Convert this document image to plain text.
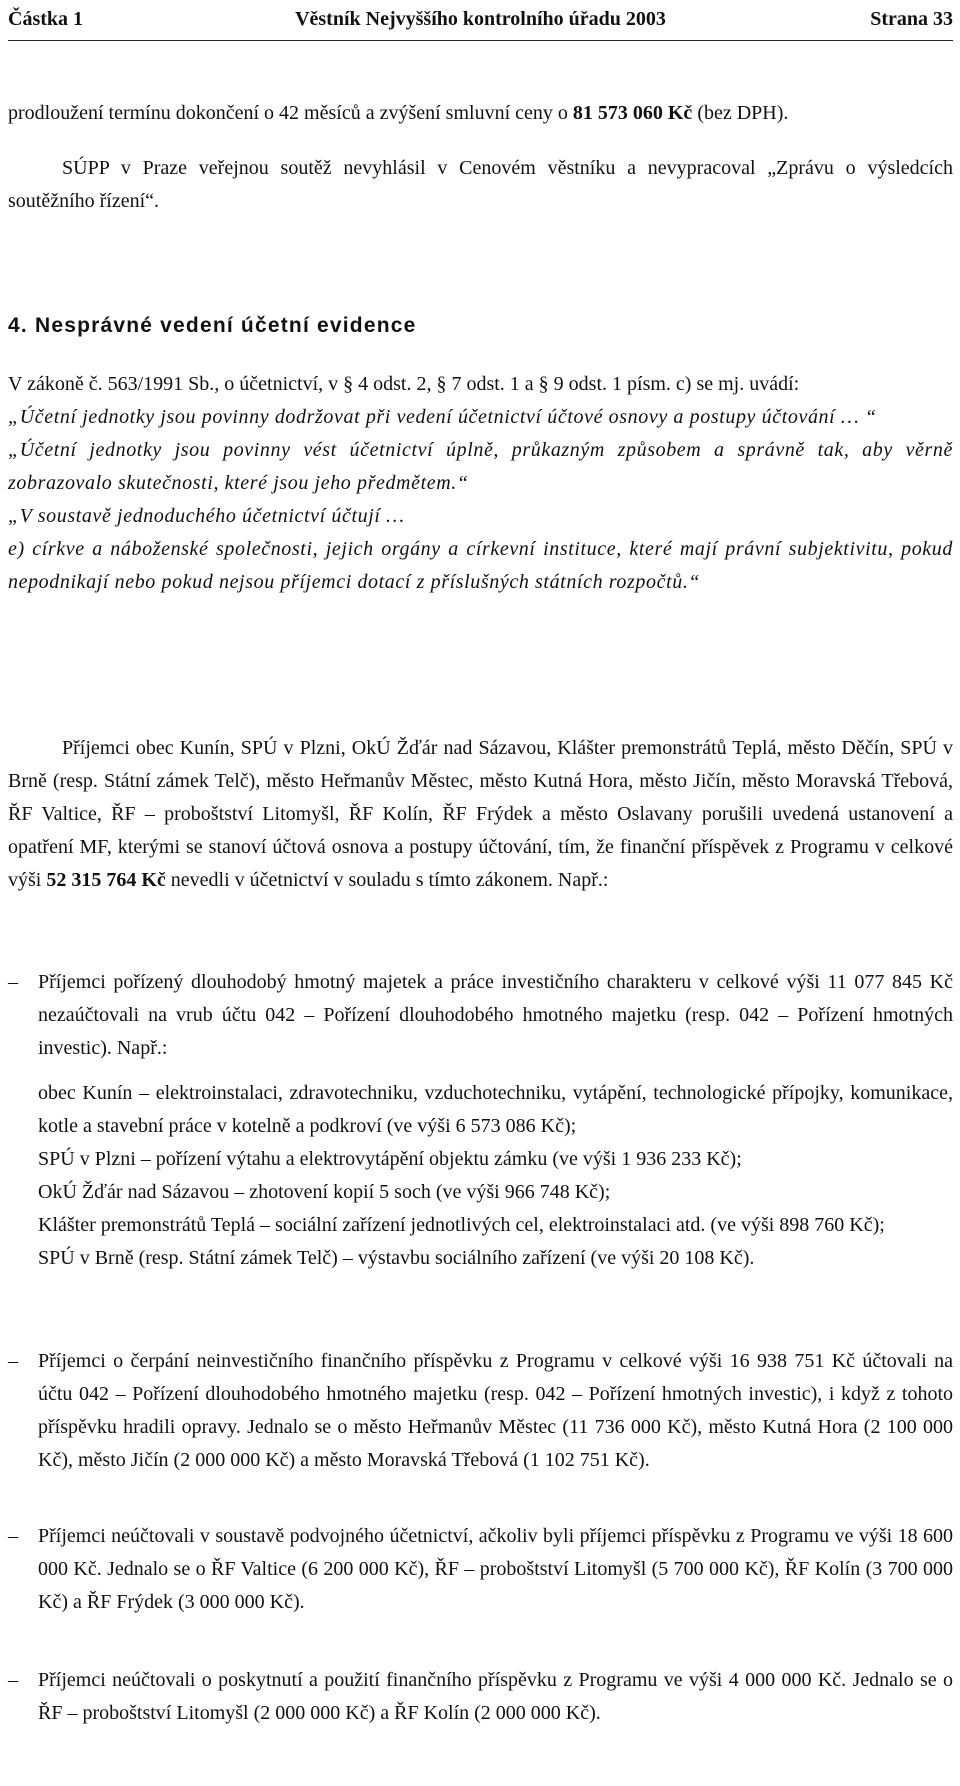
Částka 1	Věstník Nejvyššího kontrolního úřadu 2003	Strana 33

prodloužení termínu dokončení o 42 měsíců a zvýšení smluvní ceny o 81 573 060 Kč (bez DPH).

SÚPP v Praze veřejnou soutěž nevyhlásil v Cenovém věstníku a nevypracoval „Zprávu o výsledcích soutěžního řízení“.

4. Nesprávné vedení účetní evidence

V zákoně č. 563/1991 Sb., o účetnictví, v § 4 odst. 2, § 7 odst. 1 a § 9 odst. 1 písm. c) se mj. uvádí:

„Účetní jednotky jsou povinny dodržovat při vedení účetnictví účtové osnovy a postupy účtování … “

„Účetní jednotky jsou povinny vést účetnictví úplně, průkazným způsobem a správně tak, aby věrně zobrazovalo skutečnosti, které jsou jeho předmětem.“

„V soustavě jednoduchého účetnictví účtují …

e) církve a náboženské společnosti, jejich orgány a církevní instituce, které mají právní subjektivitu, pokud nepodnikají nebo pokud nejsou příjemci dotací z příslušných státních rozpočtů.“

Příjemci obec Kunín, SPÚ v Plzni, OkÚ Žďár nad Sázavou, Klášter premonstrátů Teplá, město Děčín, SPÚ v Brně (resp. Státní zámek Telč), město Heřmanův Městec, město Kutná Hora, město Jičín, město Moravská Třebová, ŘF Valtice, ŘF – proboštství Litomyšl, ŘF Kolín, ŘF Frýdek a město Oslavany porušili uvedená ustanovení a opatření MF, kterými se stanoví účtová osnova a postupy účtování, tím, že finanční příspěvek z Programu v celkové výši 52 315 764 Kč nevedli v účetnictví v souladu s tímto zákonem. Např.:

– Příjemci pořízený dlouhodobý hmotný majetek a práce investičního charakteru v celkové výši 11 077 845 Kč nezaúčtovali na vrub účtu 042 – Pořízení dlouhodobého hmotného majetku (resp. 042 – Pořízení hmotných investic). Např.:

obec Kunín – elektroinstalaci, zdravotechniku, vzduchotechniku, vytápění, technologické přípojky, komunikace, kotle a stavební práce v kotelně a podkroví (ve výši 6 573 086 Kč);

SPÚ v Plzni – pořízení výtahu a elektrovytápění objektu zámku (ve výši 1 936 233 Kč);

OkÚ Žďár nad Sázavou – zhotovení kopií 5 soch (ve výši 966 748 Kč);

Klášter premonstrátů Teplá – sociální zařízení jednotlivých cel, elektroinstalaci atd. (ve výši 898 760 Kč);

SPÚ v Brně (resp. Státní zámek Telč) – výstavbu sociálního zařízení (ve výši 20 108 Kč).

– Příjemci o čerpání neinvestičního finančního příspěvku z Programu v celkové výši 16 938 751 Kč účtovali na účtu 042 – Pořízení dlouhodobého hmotného majetku (resp. 042 – Pořízení hmotných investic), i když z tohoto příspěvku hradili opravy. Jednalo se o město Heřmanův Městec (11 736 000 Kč), město Kutná Hora (2 100 000 Kč), město Jičín (2 000 000 Kč) a město Moravská Třebová (1 102 751 Kč).

– Příjemci neúčtovali v soustavě podvojného účetnictví, ačkoliv byli příjemci příspěvku z Programu ve výši 18 600 000 Kč. Jednalo se o ŘF Valtice (6 200 000 Kč), ŘF – proboštství Litomyšl (5 700 000 Kč), ŘF Kolín (3 700 000 Kč) a ŘF Frýdek (3 000 000 Kč).

– Příjemci neúčtovali o poskytnutí a použití finančního příspěvku z Programu ve výši 4 000 000 Kč. Jednalo se o ŘF – proboštství Litomyšl (2 000 000 Kč) a ŘF Kolín (2 000 000 Kč).
